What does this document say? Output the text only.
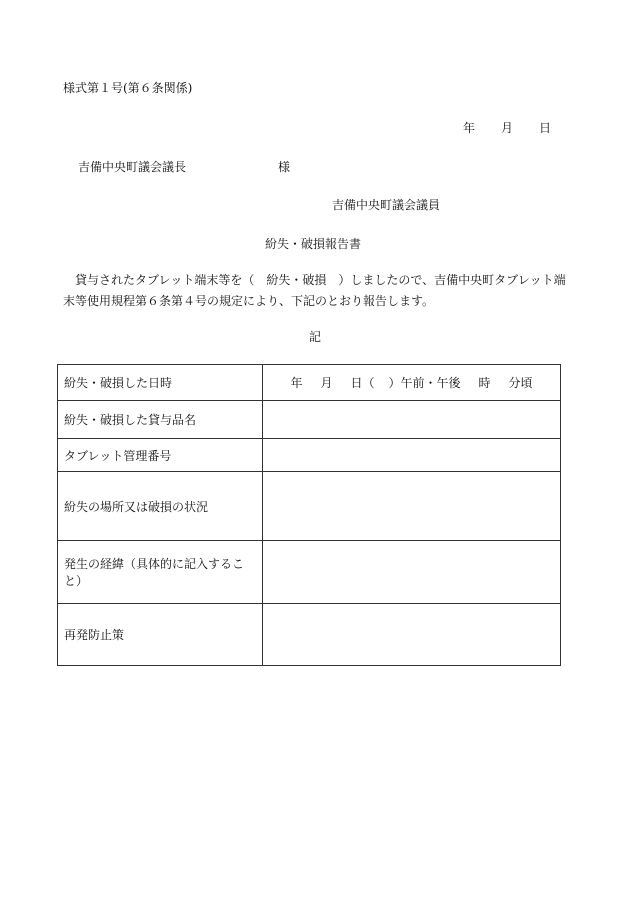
様式第１号(第６条関係)
年 月 日
吉備中央町議会議長	様
吉備中央町議会議員
紛失・破損報告書
　貸与されたタブレット端末等を（　紛失・破損　）しましたので、吉備中央町タブレット端末等使用規程第６条第４号の規定により、下記のとおり報告します。
記
紛失・破損した日時	年 月 日（ ）午前・午後 時 分頃
紛失・破損した貸与品名	
タブレット管理番号	
紛失の場所又は破損の状況	
発生の経緯（具体的に記入すること）	
再発防止策	
